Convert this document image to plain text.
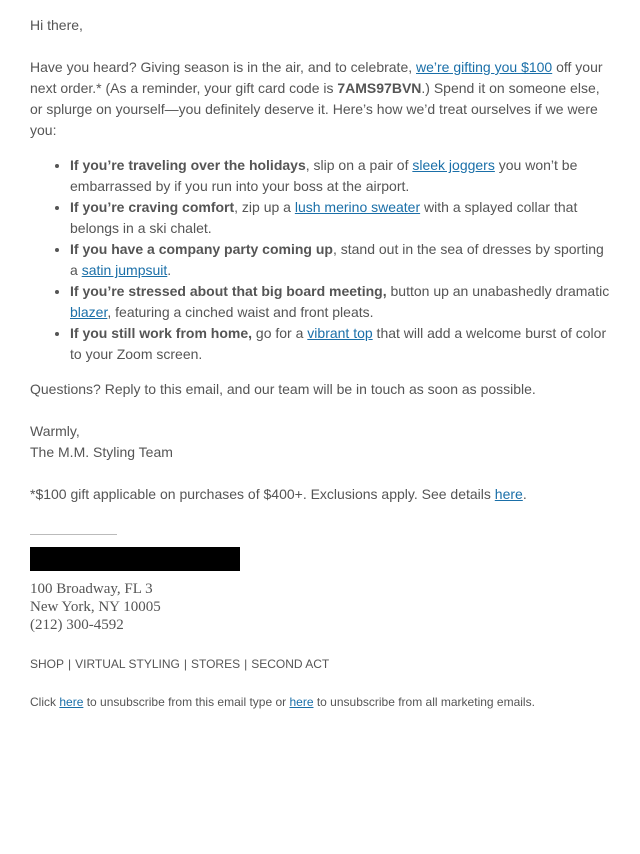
Hi there,

Have you heard? Giving season is in the air, and to celebrate, we’re gifting you $100 off your next order.* (As a reminder, your gift card code is 7AMS97BVN.) Spend it on someone else, or splurge on yourself—you definitely deserve it. Here’s how we’d treat ourselves if we were you:

• If you’re traveling over the holidays, slip on a pair of sleek joggers you won’t be embarrassed by if you run into your boss at the airport.
• If you’re craving comfort, zip up a lush merino sweater with a splayed collar that belongs in a ski chalet.
• If you have a company party coming up, stand out in the sea of dresses by sporting a satin jumpsuit.
• If you’re stressed about that big board meeting, button up an unabashedly dramatic blazer, featuring a cinched waist and front pleats.
• If you still work from home, go for a vibrant top that will add a welcome burst of color to your Zoom screen.

Questions? Reply to this email, and our team will be in touch as soon as possible.

Warmly,
The M.M. Styling Team

*$100 gift applicable on purchases of $400+. Exclusions apply. See details here.

100 Broadway, FL 3
New York, NY 10005
(212) 300-4592
SHOP | VIRTUAL STYLING | STORES | SECOND ACT
Click here to unsubscribe from this email type or here to unsubscribe from all marketing emails.
